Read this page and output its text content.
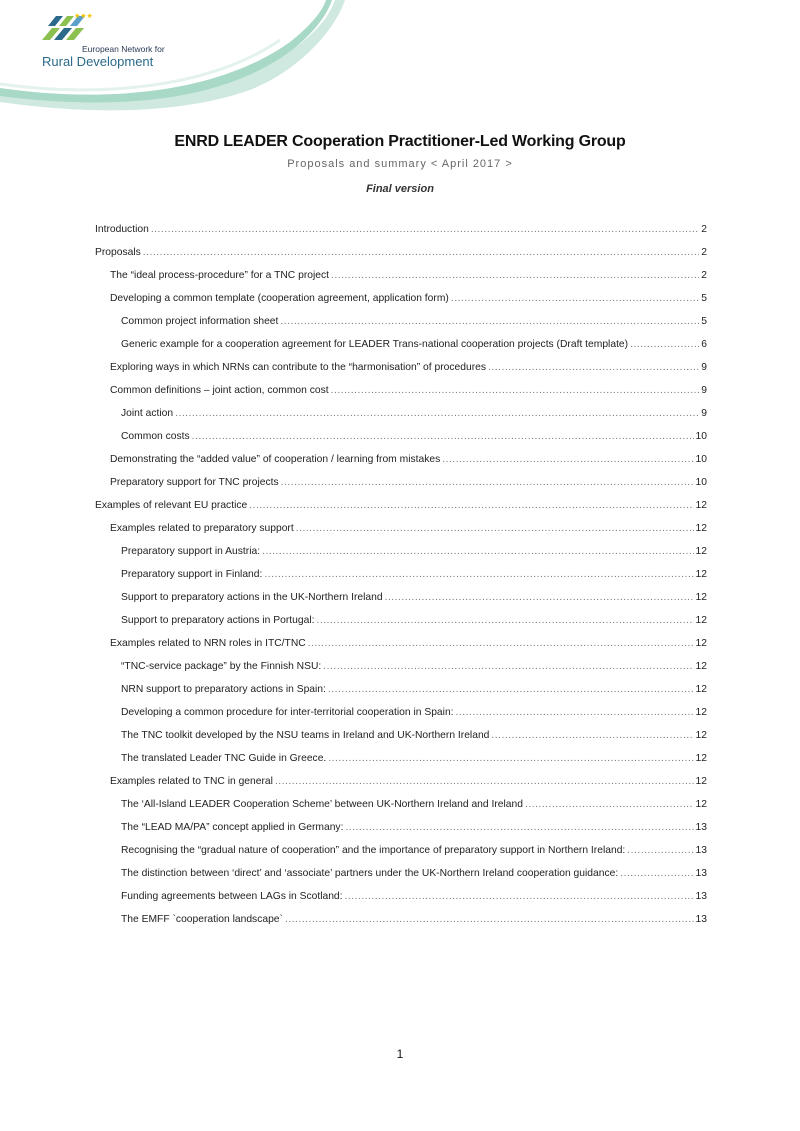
★★★
European Network for
Rural Development
ENRD LEADER Cooperation Practitioner-Led Working Group
Proposals and summary < April 2017 >
Final version
Introduction .....	2
Proposals .....	2
The “ideal process-procedure” for a TNC project .....	2
Developing a common template (cooperation agreement, application form) .....	5
Common project information sheet .....	5
Generic example for a cooperation agreement for LEADER Trans-national cooperation projects (Draft template) .....	6
Exploring ways in which NRNs can contribute to the “harmonisation” of procedures .....	9
Common definitions – joint action, common cost .....	9
Joint action .....	9
Common costs .....	10
Demonstrating the “added value” of cooperation / learning from mistakes .....	10
Preparatory support for TNC projects .....	10
Examples of relevant EU practice .....	12
Examples related to preparatory support .....	12
Preparatory support in Austria: .....	12
Preparatory support in Finland: .....	12
Support to preparatory actions in the UK-Northern Ireland .....	12
Support to preparatory actions in Portugal: .....	12
Examples related to NRN roles in ITC/TNC .....	12
“TNC-service package” by the Finnish NSU: .....	12
NRN support to preparatory actions in Spain: .....	12
Developing a common procedure for inter-territorial cooperation in Spain: .....	12
The TNC toolkit developed by the NSU teams in Ireland and UK-Northern Ireland .....	12
The translated Leader TNC Guide in Greece. .....	12
Examples related to TNC in general .....	12
The ‘All-Island LEADER Cooperation Scheme’ between UK-Northern Ireland and Ireland .....	12
The “LEAD MA/PA” concept applied in Germany: .....	13
Recognising the “gradual nature of cooperation” and the importance of preparatory support in Northern Ireland: .....	13
The distinction between ‘direct’ and ‘associate’ partners under the UK-Northern Ireland cooperation guidance: .....	13
Funding agreements between LAGs in Scotland: .....	13
The EMFF `cooperation landscape` .....	13
1
